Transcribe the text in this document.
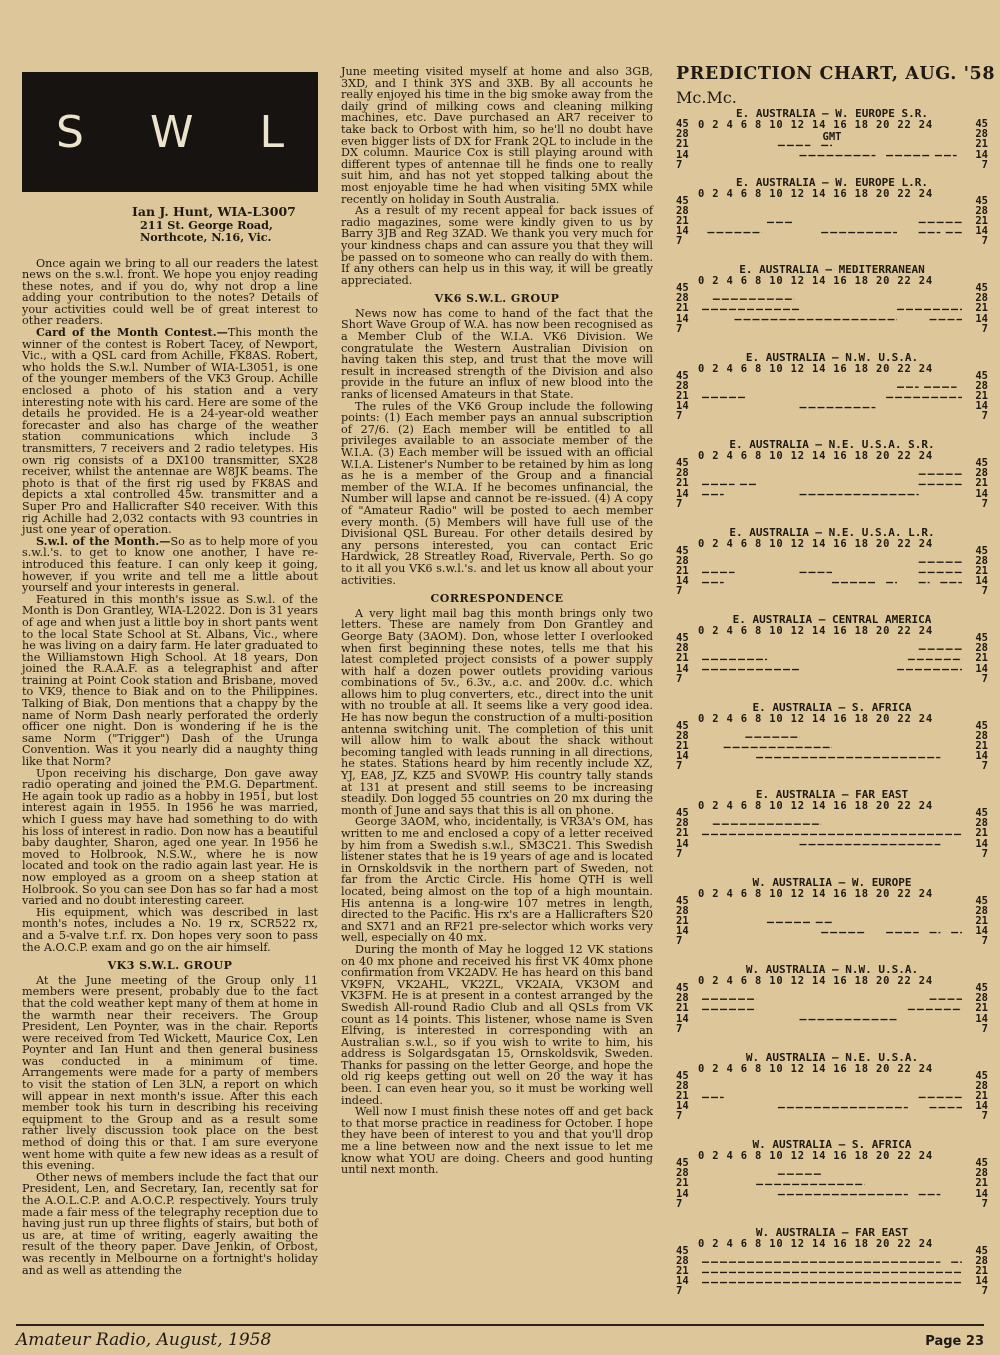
S W L
Ian J. Hunt, WIA-L3007
211 St. George Road,
Northcote, N.16, Vic.

Once again we bring to all our readers the latest news on the s.w.l. front. We hope you enjoy reading these notes, and if you do, why not drop a line adding your contribution to the notes? Details of your activities could well be of great interest to other readers.

Card of the Month Contest.—This month the winner of the contest is Robert Tacey, of Newport, Vic., with a QSL card from Achille, FK8AS. Robert, who holds the S.w.l. Number of WIA-L3051, is one of the younger members of the VK3 Group. Achille enclosed a photo of his station and a very interesting note with his card. Here are some of the details he provided. He is a 24-year-old weather forecaster and also has charge of the weather station communications which include 3 transmitters, 7 receivers and 2 radio teletypes. His own rig consists of a DX100 transmitter, SX28 receiver, whilst the antennae are W8JK beams. The photo is that of the first rig used by FK8AS and depicts a xtal controlled 45w. transmitter and a Super Pro and Hallicrafter S40 receiver. With this rig Achille had 2,032 contacts with 93 countries in just one year of operation.

S.w.l. of the Month.—So as to help more of you s.w.l.'s. to get to know one another, I have re-introduced this feature. I can only keep it going, however, if you write and tell me a little about yourself and your interests in general.

Featured in this month's issue as S.w.l. of the Month is Don Grantley, WIA-L2022. Don is 31 years of age and when just a little boy in short pants went to the local State School at St. Albans, Vic., where he was living on a dairy farm. He later graduated to the Williamstown High School. At 18 years, Don joined the R.A.A.F. as a telegraphist and after training at Point Cook station and Brisbane, moved to VK9, thence to Biak and on to the Philippines. Talking of Biak, Don mentions that a chappy by the name of Norm Dash nearly perforated the orderly officer one night. Don is wondering if he is the same Norm ("Trigger") Dash of the Urunga Convention. Was it you nearly did a naughty thing like that Norm?

Upon receiving his discharge, Don gave away radio operating and joined the P.M.G. Department. He again took up radio as a hobby in 1951, but lost interest again in 1955. In 1956 he was married, which I guess may have had something to do with his loss of interest in radio. Don now has a beautiful baby daughter, Sharon, aged one year. In 1956 he moved to Holbrook, N.S.W., where he is now located and took on the radio again last year. He is now employed as a groom on a sheep station at Holbrook. So you can see Don has so far had a most varied and no doubt interesting career.

His equipment, which was described in last month's notes, includes a No. 19 rx, SCR522 rx, and a 5-valve t.r.f. rx. Don hopes very soon to pass the A.O.C.P. exam and go on the air himself.

VK3 S.W.L. GROUP

At the June meeting of the Group only 11 members were present, probably due to the fact that the cold weather kept many of them at home in the warmth near their receivers. The Group President, Len Poynter, was in the chair. Reports were received from Ted Wickett, Maurice Cox, Len Poynter and Ian Hunt and then general business was conducted in a minimum of time. Arrangements were made for a party of members to visit the station of Len 3LN, a report on which will appear in next month's issue. After this each member took his turn in describing his receiving equipment to the Group and as a result some rather lively discussion took place on the best method of doing this or that. I am sure everyone went home with quite a few new ideas as a result of this evening.

Other news of members include the fact that our President, Len, and Secretary, Ian, recently sat for the A.O.L.C.P. and A.O.C.P. respectively. Yours truly made a fair mess of the telegraphy reception due to having just run up three flights of stairs, but both of us are, at time of writing, eagerly awaiting the result of the theory paper. Dave Jenkin, of Orbost, was recently in Melbourne on a fortnight's holiday and as well as attending the

June meeting visited myself at home and also 3GB, 3XD, and I think 3YS and 3XB. By all accounts he really enjoyed his time in the big smoke away from the daily grind of milking cows and cleaning milking machines, etc. Dave purchased an AR7 receiver to take back to Orbost with him, so he'll no doubt have even bigger lists of DX for Frank 2QL to include in the DX column. Maurice Cox is still playing around with different types of antennae till he finds one to really suit him, and has not yet stopped talking about the most enjoyable time he had when visiting 5MX while recently on holiday in South Australia.

As a result of my recent appeal for back issues of radio magazines, some were kindly given to us by Barry 3JB and Reg 3ZAD. We thank you very much for your kindness chaps and can assure you that they will be passed on to someone who can really do with them. If any others can help us in this way, it will be greatly appreciated.

VK6 S.W.L. GROUP

News now has come to hand of the fact that the Short Wave Group of W.A. has now been recognised as a Member Club of the W.I.A. VK6 Division. We congratulate the Western Australian Division on having taken this step, and trust that the move will result in increased strength of the Division and also provide in the future an influx of new blood into the ranks of licensed Amateurs in that State.

The rules of the VK6 Group include the following points: (1) Each member pays an annual subscription of 27/6. (2) Each member will be entitled to all privileges available to an associate member of the W.I.A. (3) Each member will be issued with an official W.I.A. Listener's Number to be retained by him as long as he is a member of the Group and a financial member of the W.I.A. If he becomes unfinancial, the Number will lapse and cannot be re-issued. (4) A copy of "Amateur Radio" will be posted to aech member every month. (5) Members will have full use of the Divisional QSL Bureau. For other details desired by any persons interested, you can contact Eric Hardwick, 28 Streatley Road, Rivervale, Perth. So go to it all you VK6 s.w.l.'s. and let us know all about your activities.

CORRESPONDENCE

A very light mail bag this month brings only two letters. These are namely from Don Grantley and George Baty (3AOM). Don, whose letter I overlooked when first beginning these notes, tells me that his latest completed project consists of a power supply with half a dozen power outlets providing various combinations of 5v., 6.3v., a.c. and 200v. d.c. which allows him to plug converters, etc., direct into the unit with no trouble at all. It seems like a very good idea. He has now begun the construction of a multi-position antenna switching unit. The completion of this unit will allow him to walk about the shack without becoming tangled with leads running in all directions, he states. Stations heard by him recently include XZ, YJ, EA8, JZ, KZ5 and SV0WP. His country tally stands at 131 at present and still seems to be increasing steadily. Don logged 55 countries on 20 mx during the month of June and says that this is all on phone.

George 3AOM, who, incidentally, is VR3A's OM, has written to me and enclosed a copy of a letter received by him from a Swedish s.w.l., SM3C21. This Swedish listener states that he is 19 years of age and is located in Ornskoldsvik in the northern part of Sweden, not far from the Arctic Circle. His home QTH is well located, being almost on the top of a high mountain. His antenna is a long-wire 107 metres in length, directed to the Pacific. His rx's are a Hallicrafters S20 and SX71 and an RF21 pre-selector which works very well, especially on 40 mx.

During the month of May he logged 12 VK stations on 40 mx phone and received his first VK 40mx phone confirmation from VK2ADV. He has heard on this band VK9FN, VK2AHL, VK2ZL, VK2AIA, VK3OM and VK3FM. He is at present in a contest arranged by the Swedish All-round Radio Club and all QSLs from VK count as 14 points. This listener, whose name is Sven Elfving, is interested in corresponding with an Australian s.w.l., so if you wish to write to him, his address is Solgardsgatan 15, Ornskoldsvik, Sweden. Thanks for passing on the letter George, and hope the old rig keeps getting out well on 20 the way it has been. I can even hear you, so it must be working well indeed.

Well now I must finish these notes off and get back to that morse practice in readiness for October. I hope they have been of interest to you and that you'll drop me a line between now and the next issue to let me know what YOU are doing. Cheers and good hunting until next month.

PREDICTION CHART, AUG. '58
Mc.Mc.
E. AUSTRALIA — W. EUROPE S.R.
0 2 4 6 8 10 12 14 16 18 20 22 24
GMT
45	45
28	28
21	21
14	14
7	7
E. AUSTRALIA — W. EUROPE L.R.
0 2 4 6 8 10 12 14 16 18 20 22 24
45	45
28	28
21	21
14	14
7	7
E. AUSTRALIA — MEDITERRANEAN
0 2 4 6 8 10 12 14 16 18 20 22 24
45	45
28	28
21	21
14	14
7	7
E. AUSTRALIA — N.W. U.S.A.
0 2 4 6 8 10 12 14 16 18 20 22 24
45	45
28	28
21	21
14	14
7	7
E. AUSTRALIA — N.E. U.S.A. S.R.
0 2 4 6 8 10 12 14 16 18 20 22 24
45	45
28	28
21	21
14	14
7	7
E. AUSTRALIA — N.E. U.S.A. L.R.
0 2 4 6 8 10 12 14 16 18 20 22 24
45	45
28	28
21	21
14	14
7	7
E. AUSTRALIA — CENTRAL AMERICA
0 2 4 6 8 10 12 14 16 18 20 22 24
45	45
28	28
21	21
14	14
7	7
E. AUSTRALIA — S. AFRICA
0 2 4 6 8 10 12 14 16 18 20 22 24
45	45
28	28
21	21
14	14
7	7
E. AUSTRALIA — FAR EAST
0 2 4 6 8 10 12 14 16 18 20 22 24
45	45
28	28
21	21
14	14
7	7
W. AUSTRALIA — W. EUROPE
0 2 4 6 8 10 12 14 16 18 20 22 24
45	45
28	28
21	21
14	14
7	7
W. AUSTRALIA — N.W. U.S.A.
0 2 4 6 8 10 12 14 16 18 20 22 24
45	45
28	28
21	21
14	14
7	7
W. AUSTRALIA — N.E. U.S.A.
0 2 4 6 8 10 12 14 16 18 20 22 24
45	45
28	28
21	21
14	14
7	7
W. AUSTRALIA — S. AFRICA
0 2 4 6 8 10 12 14 16 18 20 22 24
45	45
28	28
21	21
14	14
7	7
W. AUSTRALIA — FAR EAST
0 2 4 6 8 10 12 14 16 18 20 22 24
45	45
28	28
21	21
14	14
7	7
Amateur Radio, August, 1958	Page 23
